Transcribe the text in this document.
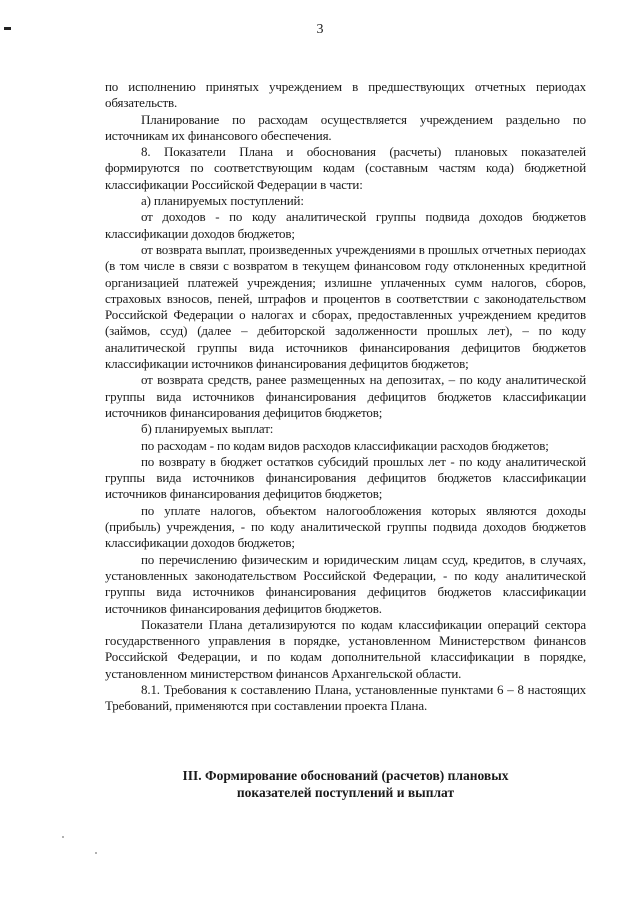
3

по исполнению принятых учреждением в предшествующих отчетных периодах обязательств.

Планирование по расходам осуществляется учреждением раздельно по источникам их финансового обеспечения.

8. Показатели Плана и обоснования (расчеты) плановых показателей формируются по соответствующим кодам (составным частям кода) бюджетной классификации Российской Федерации в части:

а) планируемых поступлений:

от доходов - по коду аналитической группы подвида доходов бюджетов классификации доходов бюджетов;

от возврата выплат, произведенных учреждениями в прошлых отчетных периодах (в том числе в связи с возвратом в текущем финансовом году отклоненных кредитной организацией платежей учреждения; излишне уплаченных сумм налогов, сборов, страховых взносов, пеней, штрафов и процентов в соответствии с законодательством Российской Федерации о налогах и сборах, предоставленных учреждением кредитов (займов, ссуд) (далее – дебиторской задолженности прошлых лет), – по коду аналитической группы вида источников финансирования дефицитов бюджетов классификации источников финансирования дефицитов бюджетов;

от возврата средств, ранее размещенных на депозитах, – по коду аналитической группы вида источников финансирования дефицитов бюджетов классификации источников финансирования дефицитов бюджетов;

б) планируемых выплат:

по расходам - по кодам видов расходов классификации расходов бюджетов;

по возврату в бюджет остатков субсидий прошлых лет - по коду аналитической группы вида источников финансирования дефицитов бюджетов классификации источников финансирования дефицитов бюджетов;

по уплате налогов, объектом налогообложения которых являются доходы (прибыль) учреждения, - по коду аналитической группы подвида доходов бюджетов классификации доходов бюджетов;

по перечислению физическим и юридическим лицам ссуд, кредитов, в случаях, установленных законодательством Российской Федерации, - по коду аналитической группы вида источников финансирования дефицитов бюджетов классификации источников финансирования дефицитов бюджетов.

Показатели Плана детализируются по кодам классификации операций сектора государственного управления в порядке, установленном Министерством финансов Российской Федерации, и по кодам дополнительной классификации в порядке, установленном министерством финансов Архангельской области.

8.1. Требования к составлению Плана, установленные пунктами 6 – 8 настоящих Требований, применяются при составлении проекта Плана.

III. Формирование обоснований (расчетов) плановых
показателей поступлений и выплат
